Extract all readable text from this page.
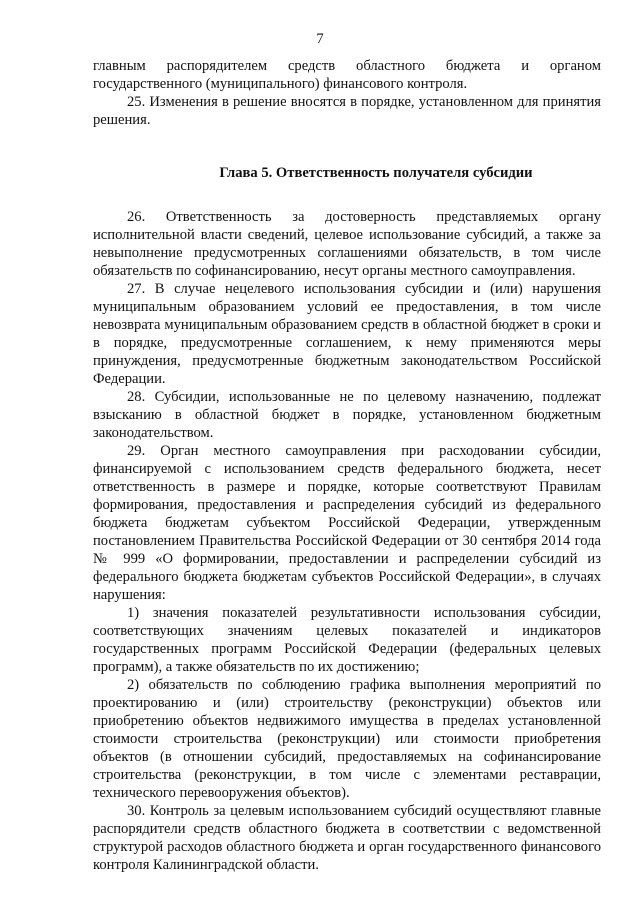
7

главным распорядителем средств областного бюджета и органом государственного (муниципального) финансового контроля.

25. Изменения в решение вносятся в порядке, установленном для принятия решения.

Глава 5. Ответственность получателя субсидии

26. Ответственность за достоверность представляемых органу исполнительной власти сведений, целевое использование субсидий, а также за невыполнение предусмотренных соглашениями обязательств, в том числе обязательств по софинансированию, несут органы местного самоуправления.

27. В случае нецелевого использования субсидии и (или) нарушения муниципальным образованием условий ее предоставления, в том числе невозврата муниципальным образованием средств в областной бюджет в сроки и в порядке, предусмотренные соглашением, к нему применяются меры принуждения, предусмотренные бюджетным законодательством Российской Федерации.

28. Субсидии, использованные не по целевому назначению, подлежат взысканию в областной бюджет в порядке, установленном бюджетным законодательством.

29. Орган местного самоуправления при расходовании субсидии, финансируемой с использованием средств федерального бюджета, несет ответственность в размере и порядке, которые соответствуют Правилам формирования, предоставления и распределения субсидий из федерального бюджета бюджетам субъектом Российской Федерации, утвержденным постановлением Правительства Российской Федерации от 30 сентября 2014 года № 999 «О формировании, предоставлении и распределении субсидий из федерального бюджета бюджетам субъектов Российской Федерации», в случаях нарушения:

1) значения показателей результативности использования субсидии, соответствующих значениям целевых показателей и индикаторов государственных программ Российской Федерации (федеральных целевых программ), а также обязательств по их достижению;

2) обязательств по соблюдению графика выполнения мероприятий по проектированию и (или) строительству (реконструкции) объектов или приобретению объектов недвижимого имущества в пределах установленной стоимости строительства (реконструкции) или стоимости приобретения объектов (в отношении субсидий, предоставляемых на софинансирование строительства (реконструкции, в том числе с элементами реставрации, технического перевооружения объектов).

30. Контроль за целевым использованием субсидий осуществляют главные распорядители средств областного бюджета в соответствии с ведомственной структурой расходов областного бюджета и орган государственного финансового контроля Калининградской области.
